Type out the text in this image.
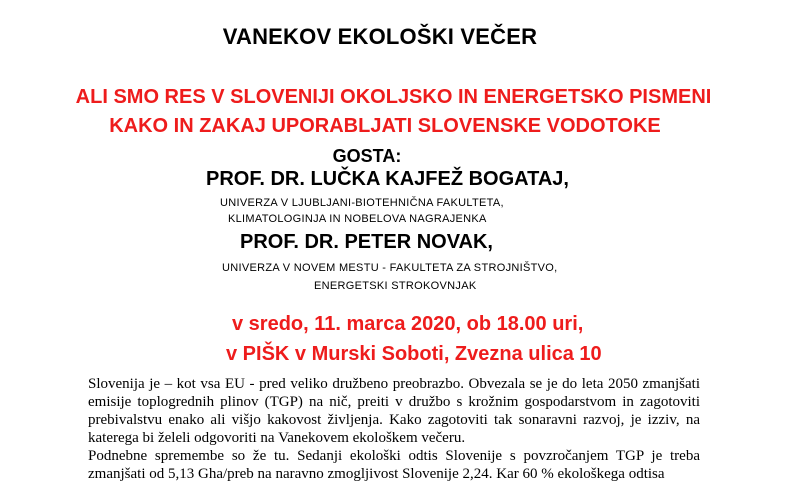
VANEKOV EKOLOŠKI VEČER
ALI SMO RES V SLOVENIJI OKOLJSKO IN ENERGETSKO PISMENI
KAKO IN ZAKAJ UPORABLJATI SLOVENSKE VODOTOKE
GOSTA:
PROF. DR. LUČKA KAJFEŽ BOGATAJ,
UNIVERZA V LJUBLJANI-BIOTEHNIČNA FAKULTETA,
KLIMATOLOGINJA IN NOBELOVA NAGRAJENKA
PROF. DR. PETER NOVAK,
UNIVERZA V NOVEM MESTU - FAKULTETA ZA STROJNIŠTVO,
ENERGETSKI STROKOVNJAK
v sredo, 11. marca 2020, ob 18.00 uri,
v PIŠK v Murski Soboti, Zvezna ulica 10

Slovenija je – kot vsa EU - pred veliko družbeno preobrazbo. Obvezala se je do leta 2050 zmanjšati emisije toplogrednih plinov (TGP) na nič, preiti v družbo s krožnim gospodarstvom in zagotoviti prebivalstvu enako ali višjo kakovost življenja. Kako zagotoviti tak sonaravni razvoj, je izziv, na katerega bi želeli odgovoriti na Vanekovem ekološkem večeru.

Podnebne spremembe so že tu. Sedanji ekološki odtis Slovenije s povzročanjem TGP je treba zmanjšati od 5,13 Gha/preb na naravno zmogljivost Slovenije 2,24. Kar 60 % ekološkega odtisa
